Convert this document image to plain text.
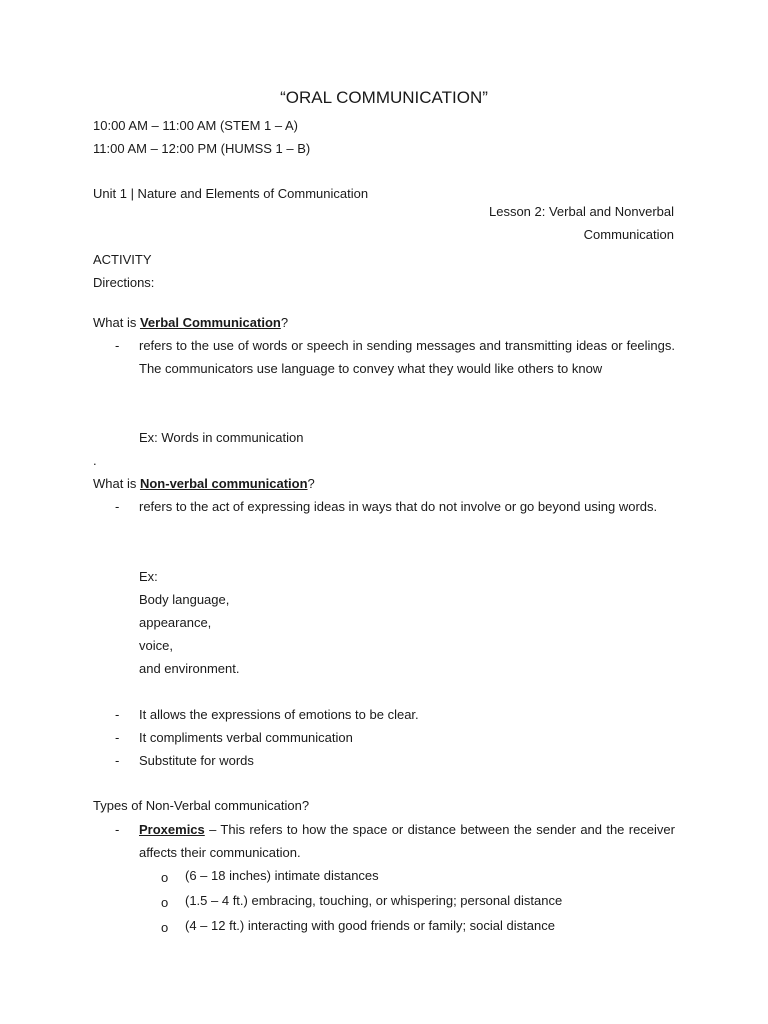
“ORAL COMMUNICATION”
10:00 AM – 11:00 AM (STEM 1 – A)
11:00 AM – 12:00 PM (HUMSS 1 – B)
Unit 1 | Nature and Elements of Communication
Lesson 2: Verbal and Nonverbal
Communication
ACTIVITY
Directions:
What is Verbal Communication?
- refers to the use of words or speech in sending messages and transmitting ideas or feelings. The communicators use language to convey what they would like others to know
Ex: Words in communication
.
What is Non-verbal communication?
- refers to the act of expressing ideas in ways that do not involve or go beyond using words.
Ex:
Body language,
appearance,
voice,
and environment.
- It allows the expressions of emotions to be clear.
- It compliments verbal communication
- Substitute for words
Types of Non-Verbal communication?
- Proxemics – This refers to how the space or distance between the sender and the receiver affects their communication.
o (6 – 18 inches) intimate distances
o (1.5 – 4 ft.) embracing, touching, or whispering; personal distance
o (4 – 12 ft.) interacting with good friends or family; social distance
